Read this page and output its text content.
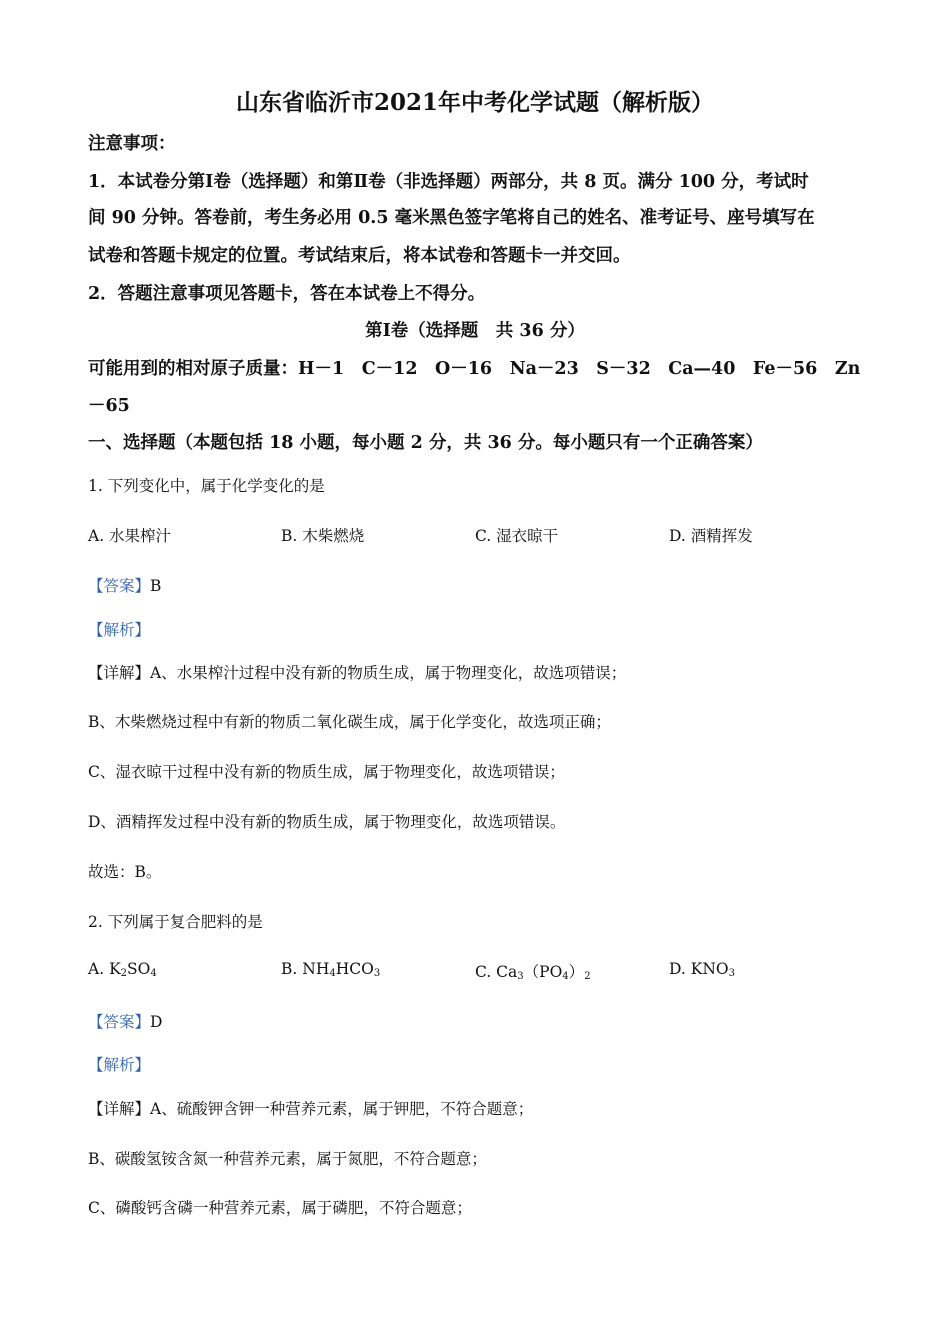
山东省临沂市2021年中考化学试题（解析版）
注意事项：
1．本试卷分第Ⅰ卷（选择题）和第Ⅱ卷（非选择题）两部分，共 8 页。满分 100 分，考试时
间 90 分钟。答卷前，考生务必用 0.5 毫米黑色签字笔将自己的姓名、准考证号、座号填写在
试卷和答题卡规定的位置。考试结束后，将本试卷和答题卡一并交回。
2．答题注意事项见答题卡，答在本试卷上不得分。
第Ⅰ卷（选择题　共 36 分）
可能用到的相对原子质量：H－1　C－12　O－16　Na－23　S－32　Ca—40　Fe－56　Zn
－65
一、选择题（本题包括 18 小题，每小题 2 分，共 36 分。每小题只有一个正确答案）
1. 下列变化中，属于化学变化的是
A. 水果榨汁	B. 木柴燃烧	C. 湿衣晾干	D. 酒精挥发
【答案】B
【解析】
【详解】A、水果榨汁过程中没有新的物质生成，属于物理变化，故选项错误；
B、木柴燃烧过程中有新的物质二氧化碳生成，属于化学变化，故选项正确；
C、湿衣晾干过程中没有新的物质生成，属于物理变化，故选项错误；
D、酒精挥发过程中没有新的物质生成，属于物理变化，故选项错误。
故选：B。
2. 下列属于复合肥料的是
A. $K_2SO_4$	B. $NH_4HCO_3$	C. $Ca_3(PO_4)_2$	D. $KNO_3$
【答案】D
【解析】
【详解】A、硫酸钾含钾一种营养元素，属于钾肥，不符合题意；
B、碳酸氢铵含氮一种营养元素，属于氮肥，不符合题意；
C、磷酸钙含磷一种营养元素，属于磷肥，不符合题意；
